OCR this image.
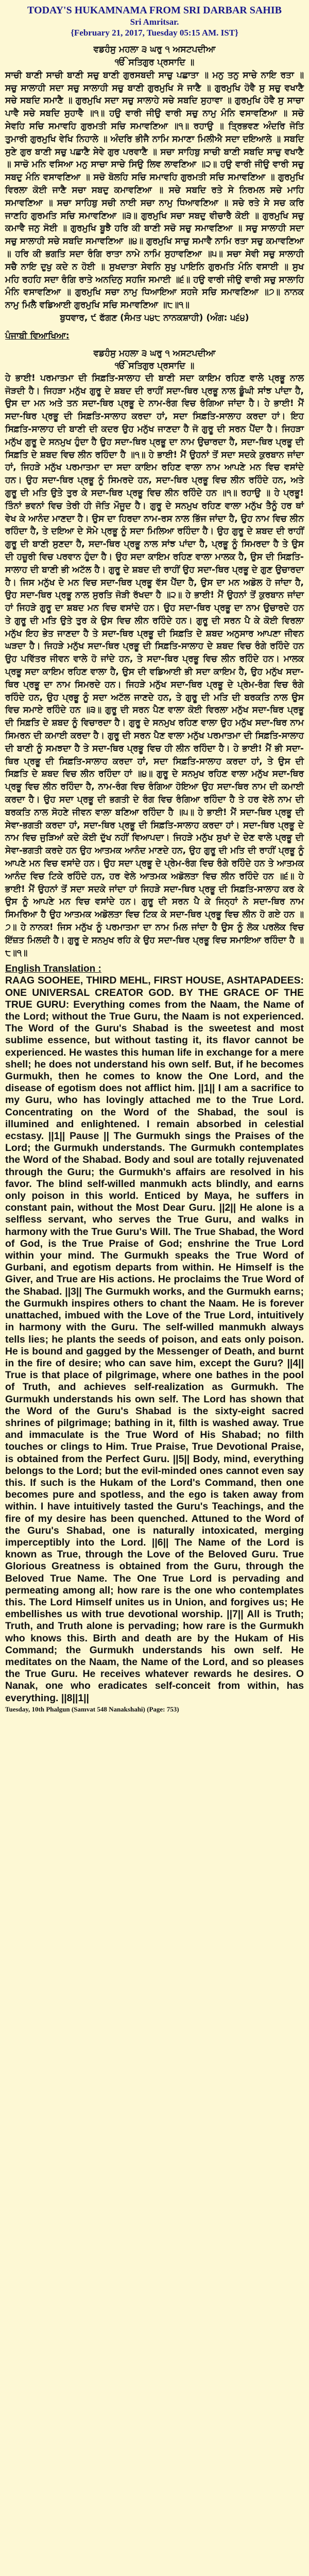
TODAY'S HUKAMNAMA FROM SRI DARBAR SAHIB
Sri Amritsar.
{February 21, 2017, Tuesday 05:15 AM. IST}
ਵਡਹੰਸੁ ਮਹਲਾ ੩ ਘਰੁ ੧ ਅਸਟਪਦੀਆ
ੴ ਸਤਿਗੁਰ ਪ੍ਰਸਾਦਿ ॥

ਸਾਚੀ ਬਾਣੀ ਸਾਚੀ ਬਾਣੀ ਸਚੁ ਬਾਣੀ ਗੁਰਸਬਦੀ ਸਾਚੁ ਪਛਾਤਾ ॥ ਮਨੁ ਤਨੁ ਸਾਚੇ ਨਾਇ ਰਤਾ ॥ ਸਚੁ ਸਾਲਾਹੀ ਸਦਾ ਸਚੁ ਸਾਲਾਹੀ ਸਚੁ ਬਾਣੀ ਗੁਰਮੁਖਿ ਸੋ ਜਾਣੈ ॥ ਗੁਰਮੁਖਿ ਹੋਵੈ ਸੁ ਸਚੁ ਵਖਾਣੈ ਸਚੇ ਸਬਦਿ ਸਮਾਣੈ ॥ ਗੁਰਮੁਖਿ ਸਦਾ ਸਚੁ ਸਾਲਾਹੇ ਸਚੇ ਸਬਦਿ ਸੁਹਾਵਾ ॥ ਗੁਰਮੁਖਿ ਹੋਵੈ ਸੁ ਸਾਚਾ ਪਾਵੈ ਸਚੇ ਸਬਦਿ ਸੁਹਾਵੈ ॥੧॥ ਹਉ ਵਾਰੀ ਜੀਉ ਵਾਰੀ ਸਚੁ ਨਾਮੁ ਮੰਨਿ ਵਸਾਵਣਿਆ ॥ ਸਚੋ ਸੇਵਹਿ ਸਚਿ ਸਮਾਵਹਿ ਗੁਰਮਤੀ ਸਚਿ ਸਮਾਵਣਿਆ ॥੧॥ ਰਹਾਉ ॥ ਤ੍ਰਿਭਵਣ ਅੰਦਰਿ ਜੋਤਿ ਤੁਮਾਰੀ ਗੁਰਮੁਖਿ ਵੇਖਿ ਨਿਹਾਲੇ ॥ ਅੰਦਰਿ ਭੀਜੈ ਨਾਮਿ ਸਮਾਣਾ ਮਿਲੀਐ ਸਦਾ ਦਇਆਲੇ ॥ ਸਬਦਿ ਸੁਣੇ ਗੁਰ ਬਾਣੀ ਸਚੁ ਪਛਾਣੈ ਸੇਵੇ ਗੁਰ ਪਰਵਾਣੈ ॥ ਸਚਾ ਸਾਹਿਬੁ ਸਾਚੀ ਬਾਣੀ ਸਬਦਿ ਸਾਚੁ ਵਖਾਣੈ ॥ ਸਾਚੋ ਮਨਿ ਵਸਿਆ ਮਨੁ ਸਾਚਾ ਸਾਚੇ ਸਿਉ ਲਿਵ ਲਾਵਣਿਆ ॥੨॥ ਹਉ ਵਾਰੀ ਜੀਉ ਵਾਰੀ ਸਚੁ ਸਬਦੁ ਮੰਨਿ ਵਸਾਵਣਿਆ ॥ ਸਚੋ ਬੋਲਹਿ ਸਚਿ ਸਮਾਵਹਿ ਗੁਰਮਤੀ ਸਚਿ ਸਮਾਵਣਿਆ ॥ ਗੁਰਮੁਖਿ ਵਿਰਲਾ ਕੋਈ ਜਾਣੈ ਸਚਾ ਸਬਦੁ ਕਮਾਵਣਿਆ ॥ ਸਚੇ ਸਬਦਿ ਰਤੇ ਸੇ ਨਿਰਮਲ ਸਚੇ ਮਾਹਿ ਸਮਾਵਣਿਆ ॥ ਸਚਾ ਸਾਹਿਬੁ ਸਚੀ ਨਾਈ ਸਚਾ ਨਾਮੁ ਧਿਆਵਣਿਆ ॥ ਸਚੇ ਰਤੇ ਸੇ ਸਚ ਕਰਿ ਜਾਣਹਿ ਗੁਰਮਤਿ ਸਚਿ ਸਮਾਵਣਿਆ ॥੩॥ ਗੁਰਮੁਖਿ ਸਚਾ ਸਬਦੁ ਵੀਚਾਰੈ ਕੋਈ ॥ ਗੁਰਮੁਖਿ ਸਚੁ ਕਮਾਵੈ ਜਨੁ ਸੋਈ ॥ ਗੁਰਮੁਖਿ ਬੂਝੈ ਹਰਿ ਕੀ ਬਾਣੀ ਸਚੋ ਸਚੁ ਸਮਾਵਣਿਆ ॥ ਸਚੁ ਸਾਲਾਹੀ ਸਦਾ ਸਚੁ ਸਾਲਾਹੀ ਸਚੇ ਸਬਦਿ ਸਮਾਵਣਿਆ ॥੪॥ ਗੁਰਮੁਖਿ ਸਾਚੁ ਸਮਾਵੈ ਨਾਮਿ ਰਤਾ ਸਚੁ ਕਮਾਵਣਿਆ ॥ ਹਰਿ ਕੀ ਭਗਤਿ ਸਦਾ ਰੰਗਿ ਰਾਤਾ ਨਾਮੇ ਨਾਮਿ ਸੁਹਾਵਣਿਆ ॥੫॥ ਸਚਾ ਸੇਵੀ ਸਚੁ ਸਾਲਾਹੀ ਸਚੈ ਨਾਇ ਦੁਖੁ ਕਦੇ ਨ ਹੋਈ ॥ ਸੁਖਦਾਤਾ ਸੇਵਨਿ ਸੁਖੁ ਪਾਇਨਿ ਗੁਰਮਤਿ ਮੰਨਿ ਵਸਾਈ ॥ ਸੁਖ ਮਹਿ ਰਹਹਿ ਸਦਾ ਰੰਗਿ ਰਾਤੇ ਅਨਦਿਨੁ ਸਹਜਿ ਸਮਾਈ ॥੬॥ ਹਉ ਵਾਰੀ ਜੀਉ ਵਾਰੀ ਸਚੁ ਸਾਲਾਹਿ ਮੰਨਿ ਵਸਾਵਣਿਆ ॥ ਗੁਰਮੁਖਿ ਸਚਾ ਨਾਮੁ ਧਿਆਇਆ ਸਹਜੇ ਸਚਿ ਸਮਾਵਣਿਆ ॥੭॥ ਨਾਨਕ ਨਾਮੁ ਮਿਲੈ ਵਡਿਆਈ ਗੁਰਮੁਖਿ ਸਚਿ ਸਮਾਵਣਿਆ ॥੮॥੧॥

ਬੁਧਵਾਰ, ੯ ਫੱਗਣ (ਸੰਮਤ ੫੪੮ ਨਾਨਕਸ਼ਾਹੀ) (ਅੰਗ: ੫੬੪)

ਪੰਜਾਬੀ ਵਿਆਖਿਆ:
ਵਡਹੰਸੁ ਮਹਲਾ ੩ ਘਰੁ ੧ ਅਸਟਪਦੀਆ
ੴ ਸਤਿਗੁਰ ਪ੍ਰਸਾਦਿ ॥

ਹੇ ਭਾਈ! ਪਰਮਾਤਮਾ ਦੀ ਸਿਫ਼ਤਿ-ਸਾਲਾਹ ਦੀ ਬਾਣੀ ਸਦਾ ਕਾਇਮ ਰਹਿਣ ਵਾਲੇ ਪ੍ਰਭੂ ਨਾਲ ਜੋੜਦੀ ਹੈ। ਜਿਹੜਾ ਮਨੁੱਖ ਗੁਰੂ ਦੇ ਸ਼ਬਦ ਦੀ ਰਾਹੀਂ ਸਦਾ-ਥਿਰ ਪ੍ਰਭੂ ਨਾਲ ਡੂੰਘੀ ਸਾਂਝ ਪਾਂਦਾ ਹੈ, ਉਸ ਦਾ ਮਨ ਅਤੇ ਤਨ ਸਦਾ-ਥਿਰ ਪ੍ਰਭੂ ਦੇ ਨਾਮ-ਰੰਗ ਵਿਚ ਰੰਗਿਆ ਜਾਂਦਾ ਹੈ। ਹੇ ਭਾਈ! ਮੈਂ ਸਦਾ-ਥਿਰ ਪ੍ਰਭੂ ਦੀ ਸਿਫ਼ਤਿ-ਸਾਲਾਹ ਕਰਦਾ ਹਾਂ, ਸਦਾ ਸਿਫ਼ਤਿ-ਸਾਲਾਹ ਕਰਦਾ ਹਾਂ। ਇਹ ਸਿਫ਼ਤਿ-ਸਾਲਾਹ ਦੀ ਬਾਣੀ ਦੀ ਕਦਰ ਉਹ ਮਨੁੱਖ ਜਾਣਦਾ ਹੈ ਜੋ ਗੁਰੂ ਦੀ ਸਰਨ ਪੈਂਦਾ ਹੈ। ਜਿਹੜਾ ਮਨੁੱਖ ਗੁਰੂ ਦੇ ਸਨਮੁਖ ਹੁੰਦਾ ਹੈ ਉਹ ਸਦਾ-ਥਿਰ ਪ੍ਰਭੂ ਦਾ ਨਾਮ ਉਚਾਰਦਾ ਹੈ, ਸਦਾ-ਥਿਰ ਪ੍ਰਭੂ ਦੀ ਸਿਫ਼ਤਿ ਦੇ ਸ਼ਬਦ ਵਿਚ ਲੀਨ ਰਹਿੰਦਾ ਹੈ ॥੧॥ ਹੇ ਭਾਈ! ਮੈਂ ਉਹਨਾਂ ਤੋਂ ਸਦਾ ਸਦਕੇ ਕੁਰਬਾਨ ਜਾਂਦਾ ਹਾਂ, ਜਿਹੜੇ ਮਨੁੱਖ ਪਰਮਾਤਮਾ ਦਾ ਸਦਾ ਕਾਇਮ ਰਹਿਣ ਵਾਲਾ ਨਾਮ ਆਪਣੇ ਮਨ ਵਿਚ ਵਸਾਂਦੇ ਹਨ। ਉਹ ਸਦਾ-ਥਿਰ ਪ੍ਰਭੂ ਨੂੰ ਸਿਮਰਦੇ ਹਨ, ਸਦਾ-ਥਿਰ ਪ੍ਰਭੂ ਵਿਚ ਲੀਨ ਰਹਿੰਦੇ ਹਨ, ਅਤੇ ਗੁਰੂ ਦੀ ਮਤਿ ਉਤੇ ਤੁਰ ਕੇ ਸਦਾ-ਥਿਰ ਪ੍ਰਭੂ ਵਿਚ ਲੀਨ ਰਹਿੰਦੇ ਹਨ ॥੧॥ ਰਹਾਉ ॥ ਹੇ ਪ੍ਰਭੂ! ਤਿੰਨਾਂ ਭਵਨਾਂ ਵਿਚ ਤੇਰੀ ਹੀ ਜੋਤਿ ਮੌਜੂਦ ਹੈ। ਗੁਰੂ ਦੇ ਸਨਮੁਖ ਰਹਿਣ ਵਾਲਾ ਮਨੁੱਖ ਤੈਨੂੰ ਹਰ ਥਾਂ ਵੇਖ ਕੇ ਆਨੰਦ ਮਾਣਦਾ ਹੈ। ਉਸ ਦਾ ਹਿਰਦਾ ਨਾਮ-ਰਸ ਨਾਲ ਭਿੱਜ ਜਾਂਦਾ ਹੈ, ਉਹ ਨਾਮ ਵਿਚ ਲੀਨ ਰਹਿੰਦਾ ਹੈ, ਤੇ ਦਇਆ ਦੇ ਸੋਮੇ ਪ੍ਰਭੂ ਨੂੰ ਸਦਾ ਮਿਲਿਆ ਰਹਿੰਦਾ ਹੈ। ਉਹ ਗੁਰੂ ਦੇ ਸ਼ਬਦ ਦੀ ਰਾਹੀਂ ਗੁਰੂ ਦੀ ਬਾਣੀ ਸੁਣਦਾ ਹੈ, ਸਦਾ-ਥਿਰ ਪ੍ਰਭੂ ਨਾਲ ਸਾਂਝ ਪਾਂਦਾ ਹੈ, ਪ੍ਰਭੂ ਨੂੰ ਸਿਮਰਦਾ ਹੈ ਤੇ ਉਸ ਦੀ ਹਜ਼ੂਰੀ ਵਿਚ ਪਰਵਾਨ ਹੁੰਦਾ ਹੈ। ਉਹ ਸਦਾ ਕਾਇਮ ਰਹਿਣ ਵਾਲਾ ਮਾਲਕ ਹੈ, ਉਸ ਦੀ ਸਿਫ਼ਤਿ-ਸਾਲਾਹ ਦੀ ਬਾਣੀ ਭੀ ਅਟੱਲ ਹੈ। ਗੁਰੂ ਦੇ ਸ਼ਬਦ ਦੀ ਰਾਹੀਂ ਉਹ ਸਦਾ-ਥਿਰ ਪ੍ਰਭੂ ਦੇ ਗੁਣ ਉਚਾਰਦਾ ਹੈ। ਜਿਸ ਮਨੁੱਖ ਦੇ ਮਨ ਵਿਚ ਸਦਾ-ਥਿਰ ਪ੍ਰਭੂ ਵੱਸ ਪੈਂਦਾ ਹੈ, ਉਸ ਦਾ ਮਨ ਅਡੋਲ ਹੋ ਜਾਂਦਾ ਹੈ, ਉਹ ਸਦਾ-ਥਿਰ ਪ੍ਰਭੂ ਨਾਲ ਸੁਰਤਿ ਜੋੜੀ ਰੱਖਦਾ ਹੈ ॥੨॥ ਹੇ ਭਾਈ! ਮੈਂ ਉਹਨਾਂ ਤੋਂ ਕੁਰਬਾਨ ਜਾਂਦਾ ਹਾਂ ਜਿਹੜੇ ਗੁਰੂ ਦਾ ਸ਼ਬਦ ਮਨ ਵਿਚ ਵਸਾਂਦੇ ਹਨ। ਉਹ ਸਦਾ-ਥਿਰ ਪ੍ਰਭੂ ਦਾ ਨਾਮ ਉਚਾਰਦੇ ਹਨ ਤੇ ਗੁਰੂ ਦੀ ਮਤਿ ਉਤੇ ਤੁਰ ਕੇ ਉਸ ਵਿਚ ਲੀਨ ਰਹਿੰਦੇ ਹਨ। ਗੁਰੂ ਦੀ ਸਰਨ ਪੈ ਕੇ ਕੋਈ ਵਿਰਲਾ ਮਨੁੱਖ ਇਹ ਭੇਤ ਜਾਣਦਾ ਹੈ ਤੇ ਸਦਾ-ਥਿਰ ਪ੍ਰਭੂ ਦੀ ਸਿਫ਼ਤਿ ਦੇ ਸ਼ਬਦ ਅਨੁਸਾਰ ਆਪਣਾ ਜੀਵਨ ਘੜਦਾ ਹੈ। ਜਿਹੜੇ ਮਨੁੱਖ ਸਦਾ-ਥਿਰ ਪ੍ਰਭੂ ਦੀ ਸਿਫ਼ਤਿ-ਸਾਲਾਹ ਦੇ ਸ਼ਬਦ ਵਿਚ ਰੰਗੇ ਰਹਿੰਦੇ ਹਨ ਉਹ ਪਵਿੱਤਰ ਜੀਵਨ ਵਾਲੇ ਹੋ ਜਾਂਦੇ ਹਨ, ਤੇ ਸਦਾ-ਥਿਰ ਪ੍ਰਭੂ ਵਿਚ ਲੀਨ ਰਹਿੰਦੇ ਹਨ। ਮਾਲਕ ਪ੍ਰਭੂ ਸਦਾ ਕਾਇਮ ਰਹਿਣ ਵਾਲਾ ਹੈ, ਉਸ ਦੀ ਵਡਿਆਈ ਭੀ ਸਦਾ ਕਾਇਮ ਹੈ, ਉਹ ਮਨੁੱਖ ਸਦਾ-ਥਿਰ ਪ੍ਰਭੂ ਦਾ ਨਾਮ ਸਿਮਰਦੇ ਹਨ। ਜਿਹੜੇ ਮਨੁੱਖ ਸਦਾ-ਥਿਰ ਪ੍ਰਭੂ ਦੇ ਪ੍ਰੇਮ-ਰੰਗ ਵਿਚ ਰੰਗੇ ਰਹਿੰਦੇ ਹਨ, ਉਹ ਪ੍ਰਭੂ ਨੂੰ ਸਦਾ ਅਟੱਲ ਜਾਣਦੇ ਹਨ, ਤੇ ਗੁਰੂ ਦੀ ਮਤਿ ਦੀ ਬਰਕਤਿ ਨਾਲ ਉਸ ਵਿਚ ਸਮਾਏ ਰਹਿੰਦੇ ਹਨ ॥੩॥ ਗੁਰੂ ਦੀ ਸਰਨ ਪੈਣ ਵਾਲਾ ਕੋਈ ਵਿਰਲਾ ਮਨੁੱਖ ਸਦਾ-ਥਿਰ ਪ੍ਰਭੂ ਦੀ ਸਿਫ਼ਤਿ ਦੇ ਸ਼ਬਦ ਨੂੰ ਵਿਚਾਰਦਾ ਹੈ। ਗੁਰੂ ਦੇ ਸਨਮੁਖ ਰਹਿਣ ਵਾਲਾ ਉਹ ਮਨੁੱਖ ਸਦਾ-ਥਿਰ ਨਾਮ ਸਿਮਰਨ ਦੀ ਕਮਾਈ ਕਰਦਾ ਹੈ। ਗੁਰੂ ਦੀ ਸਰਨ ਪੈਣ ਵਾਲਾ ਮਨੁੱਖ ਪਰਮਾਤਮਾ ਦੀ ਸਿਫ਼ਤਿ-ਸਾਲਾਹ ਦੀ ਬਾਣੀ ਨੂੰ ਸਮਝਦਾ ਹੈ ਤੇ ਸਦਾ-ਥਿਰ ਪ੍ਰਭੂ ਵਿਚ ਹੀ ਲੀਨ ਰਹਿੰਦਾ ਹੈ। ਹੇ ਭਾਈ! ਮੈਂ ਭੀ ਸਦਾ-ਥਿਰ ਪ੍ਰਭੂ ਦੀ ਸਿਫ਼ਤਿ-ਸਾਲਾਹ ਕਰਦਾ ਹਾਂ, ਸਦਾ ਸਿਫ਼ਤਿ-ਸਾਲਾਹ ਕਰਦਾ ਹਾਂ, ਤੇ ਉਸ ਦੀ ਸਿਫ਼ਤਿ ਦੇ ਸ਼ਬਦ ਵਿਚ ਲੀਨ ਰਹਿੰਦਾ ਹਾਂ ॥੪॥ ਗੁਰੂ ਦੇ ਸਨਮੁਖ ਰਹਿਣ ਵਾਲਾ ਮਨੁੱਖ ਸਦਾ-ਥਿਰ ਪ੍ਰਭੂ ਵਿਚ ਲੀਨ ਰਹਿੰਦਾ ਹੈ, ਨਾਮ-ਰੰਗ ਵਿਚ ਰੰਗਿਆ ਹੋਇਆ ਉਹ ਸਦਾ-ਥਿਰ ਨਾਮ ਦੀ ਕਮਾਈ ਕਰਦਾ ਹੈ। ਉਹ ਸਦਾ ਪ੍ਰਭੂ ਦੀ ਭਗਤੀ ਦੇ ਰੰਗ ਵਿਚ ਰੰਗਿਆ ਰਹਿੰਦਾ ਹੈ ਤੇ ਹਰ ਵੇਲੇ ਨਾਮ ਦੀ ਬਰਕਤਿ ਨਾਲ ਸੋਹਣੇ ਜੀਵਨ ਵਾਲਾ ਬਣਿਆ ਰਹਿੰਦਾ ਹੈ ॥੫॥ ਹੇ ਭਾਈ! ਮੈਂ ਸਦਾ-ਥਿਰ ਪ੍ਰਭੂ ਦੀ ਸੇਵਾ-ਭਗਤੀ ਕਰਦਾ ਹਾਂ, ਸਦਾ-ਥਿਰ ਪ੍ਰਭੂ ਦੀ ਸਿਫ਼ਤਿ-ਸਾਲਾਹ ਕਰਦਾ ਹਾਂ। ਸਦਾ-ਥਿਰ ਪ੍ਰਭੂ ਦੇ ਨਾਮ ਵਿਚ ਜੁੜਿਆਂ ਕਦੇ ਕੋਈ ਦੁੱਖ ਨਹੀਂ ਵਿਆਪਦਾ। ਜਿਹੜੇ ਮਨੁੱਖ ਸੁਖਾਂ ਦੇ ਦੇਣ ਵਾਲੇ ਪ੍ਰਭੂ ਦੀ ਸੇਵਾ-ਭਗਤੀ ਕਰਦੇ ਹਨ ਉਹ ਆਤਮਕ ਆਨੰਦ ਮਾਣਦੇ ਹਨ, ਉਹ ਗੁਰੂ ਦੀ ਮਤਿ ਦੀ ਰਾਹੀਂ ਪ੍ਰਭੂ ਨੂੰ ਆਪਣੇ ਮਨ ਵਿਚ ਵਸਾਂਦੇ ਹਨ। ਉਹ ਸਦਾ ਪ੍ਰਭੂ ਦੇ ਪ੍ਰੇਮ-ਰੰਗ ਵਿਚ ਰੰਗੇ ਰਹਿੰਦੇ ਹਨ ਤੇ ਆਤਮਕ ਆਨੰਦ ਵਿਚ ਟਿਕੇ ਰਹਿੰਦੇ ਹਨ, ਹਰ ਵੇਲੇ ਆਤਮਕ ਅਡੋਲਤਾ ਵਿਚ ਲੀਨ ਰਹਿੰਦੇ ਹਨ ॥੬॥ ਹੇ ਭਾਈ! ਮੈਂ ਉਹਨਾਂ ਤੋਂ ਸਦਾ ਸਦਕੇ ਜਾਂਦਾ ਹਾਂ ਜਿਹੜੇ ਸਦਾ-ਥਿਰ ਪ੍ਰਭੂ ਦੀ ਸਿਫ਼ਤਿ-ਸਾਲਾਹ ਕਰ ਕੇ ਉਸ ਨੂੰ ਆਪਣੇ ਮਨ ਵਿਚ ਵਸਾਂਦੇ ਹਨ। ਗੁਰੂ ਦੀ ਸਰਨ ਪੈ ਕੇ ਜਿਨ੍ਹਾਂ ਨੇ ਸਦਾ-ਥਿਰ ਨਾਮ ਸਿਮਰਿਆ ਹੈ ਉਹ ਆਤਮਕ ਅਡੋਲਤਾ ਵਿਚ ਟਿਕ ਕੇ ਸਦਾ-ਥਿਰ ਪ੍ਰਭੂ ਵਿਚ ਲੀਨ ਹੋ ਗਏ ਹਨ ॥੭॥ ਹੇ ਨਾਨਕ! ਜਿਸ ਮਨੁੱਖ ਨੂੰ ਪਰਮਾਤਮਾ ਦਾ ਨਾਮ ਮਿਲ ਜਾਂਦਾ ਹੈ ਉਸ ਨੂੰ ਲੋਕ ਪਰਲੋਕ ਵਿਚ ਇੱਜ਼ਤ ਮਿਲਦੀ ਹੈ। ਗੁਰੂ ਦੇ ਸਨਮੁਖ ਰਹਿ ਕੇ ਉਹ ਸਦਾ-ਥਿਰ ਪ੍ਰਭੂ ਵਿਚ ਸਮਾਇਆ ਰਹਿੰਦਾ ਹੈ ॥੮॥੧॥

English Translation :

RAAG SOOHEE, THIRD MEHL, FIRST HOUSE, ASHTAPADEES: ONE UNIVERSAL CREATOR GOD. BY THE GRACE OF THE TRUE GURU: Everything comes from the Naam, the Name of the Lord; without the True Guru, the Naam is not experienced. The Word of the Guru's Shabad is the sweetest and most sublime essence, but without tasting it, its flavor cannot be experienced. He wastes this human life in exchange for a mere shell; he does not understand his own self. But, if he becomes Gurmukh, then he comes to know the One Lord, and the disease of egotism does not afflict him. ||1|| I am a sacrifice to my Guru, who has lovingly attached me to the True Lord. Concentrating on the Word of the Shabad, the soul is illumined and enlightened. I remain absorbed in celestial ecstasy. ||1|| Pause || The Gurmukh sings the Praises of the Lord; the Gurmukh understands. The Gurmukh contemplates the Word of the Shabad. Body and soul are totally rejuvenated through the Guru; the Gurmukh's affairs are resolved in his favor. The blind self-willed manmukh acts blindly, and earns only poison in this world. Enticed by Maya, he suffers in constant pain, without the Most Dear Guru. ||2|| He alone is a selfless servant, who serves the True Guru, and walks in harmony with the True Guru's Will. The True Shabad, the Word of God, is the True Praise of God; enshrine the True Lord within your mind. The Gurmukh speaks the True Word of Gurbani, and egotism departs from within. He Himself is the Giver, and True are His actions. He proclaims the True Word of the Shabad. ||3|| The Gurmukh works, and the Gurmukh earns; the Gurmukh inspires others to chant the Naam. He is forever unattached, imbued with the Love of the True Lord, intuitively in harmony with the Guru. The self-willed manmukh always tells lies; he plants the seeds of poison, and eats only poison. He is bound and gagged by the Messenger of Death, and burnt in the fire of desire; who can save him, except the Guru? ||4|| True is that place of pilgrimage, where one bathes in the pool of Truth, and achieves self-realization as Gurmukh. The Gurmukh understands his own self. The Lord has shown that the Word of the Guru's Shabad is the sixty-eight sacred shrines of pilgrimage; bathing in it, filth is washed away. True and immaculate is the True Word of His Shabad; no filth touches or clings to Him. True Praise, True Devotional Praise, is obtained from the Perfect Guru. ||5|| Body, mind, everything belongs to the Lord; but the evil-minded ones cannot even say this. If such is the Hukam of the Lord's Command, then one becomes pure and spotless, and the ego is taken away from within. I have intuitively tasted the Guru's Teachings, and the fire of my desire has been quenched. Attuned to the Word of the Guru's Shabad, one is naturally intoxicated, merging imperceptibly into the Lord. ||6|| The Name of the Lord is known as True, through the Love of the Beloved Guru. True Glorious Greatness is obtained from the Guru, through the Beloved True Name. The One True Lord is pervading and permeating among all; how rare is the one who contemplates this. The Lord Himself unites us in Union, and forgives us; He embellishes us with true devotional worship. ||7|| All is Truth; Truth, and Truth alone is pervading; how rare is the Gurmukh who knows this. Birth and death are by the Hukam of His Command; the Gurmukh understands his own self. He meditates on the Naam, the Name of the Lord, and so pleases the True Guru. He receives whatever rewards he desires. O Nanak, one who eradicates self-conceit from within, has everything. ||8||1||

Tuesday, 10th Phalgun (Samvat 548 Nanakshahi) (Page: 753)
